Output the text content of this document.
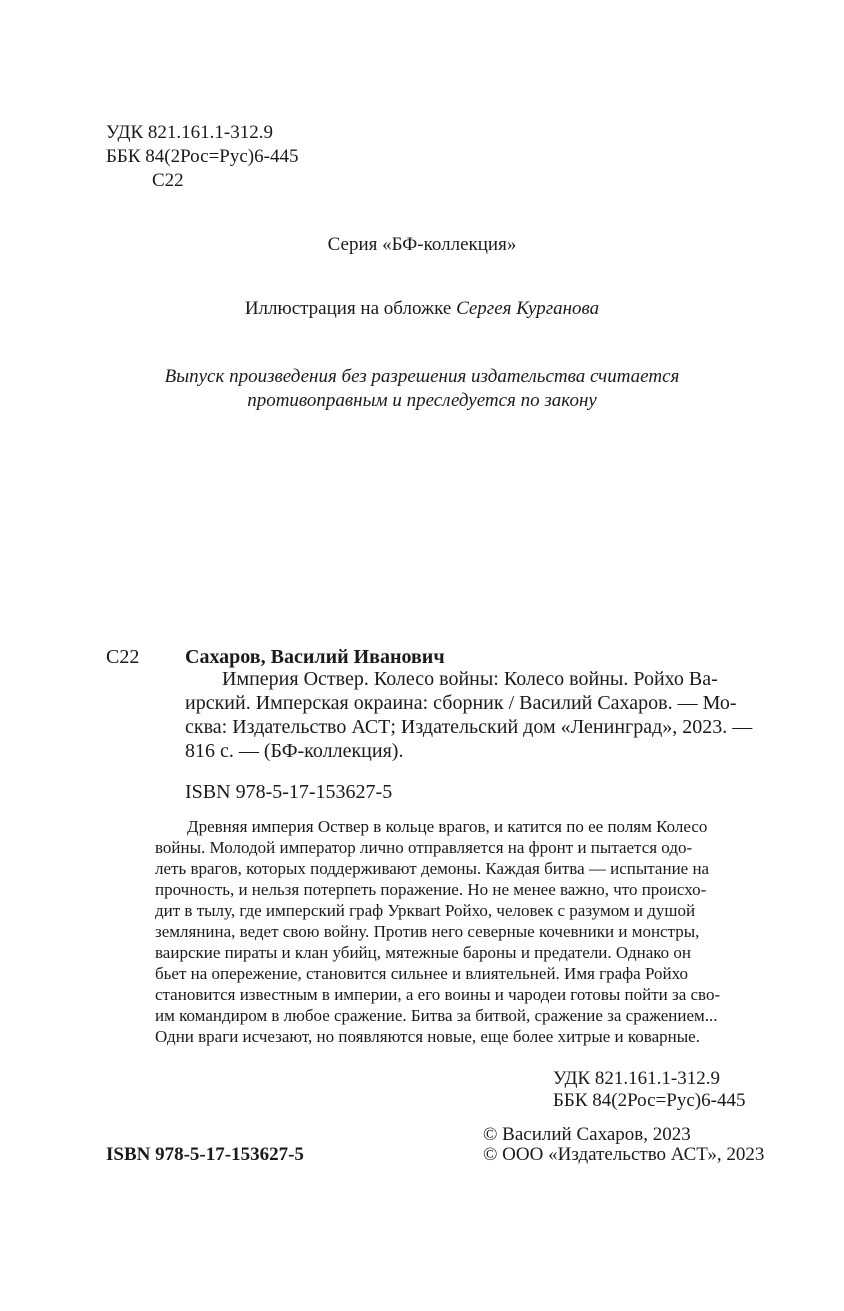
УДК 821.161.1-312.9
ББК 84(2Рос=Рус)6-445
С22
Серия «БФ-коллекция»
Иллюстрация на обложке Сергея Курганова
Выпуск произведения без разрешения издательства считается
противоправным и преследуется по закону
С22 Сахаров, Василий Иванович

Империя Оствер. Колесо войны: Колесо войны. Ройхо Ва-

ирский. Имперская окраина: сборник / Василий Сахаров. — Мо-

сква: Издательство АСТ; Издательский дом «Ленинград», 2023. —

816 с. — (БФ-коллекция).

ISBN 978-5-17-153627-5

Древняя империя Оствер в кольце врагов, и катится по ее полям Колесо

войны. Молодой император лично отправляется на фронт и пытается одо-

леть врагов, которых поддерживают демоны. Каждая битва — испытание на

прочность, и нельзя потерпеть поражение. Но не менее важно, что происхо-

дит в тылу, где имперский граф Урквart Ройхо, человек с разумом и душой

землянина, ведет свою войну. Против него северные кочевники и монстры,

ваирские пираты и клан убийц, мятежные бароны и предатели. Однако он

бьет на опережение, становится сильнее и влиятельней. Имя графа Ройхо

становится известным в империи, а его воины и чародеи готовы пойти за сво-

им командиром в любое сражение. Битва за битвой, сражение за сражением...

Одни враги исчезают, но появляются новые, еще более хитрые и коварные.

УДК 821.161.1-312.9
ББК 84(2Рос=Рус)6-445
ISBN 978-5-17-153627-5
© Василий Сахаров, 2023
© ООО «Издательство АСТ», 2023
